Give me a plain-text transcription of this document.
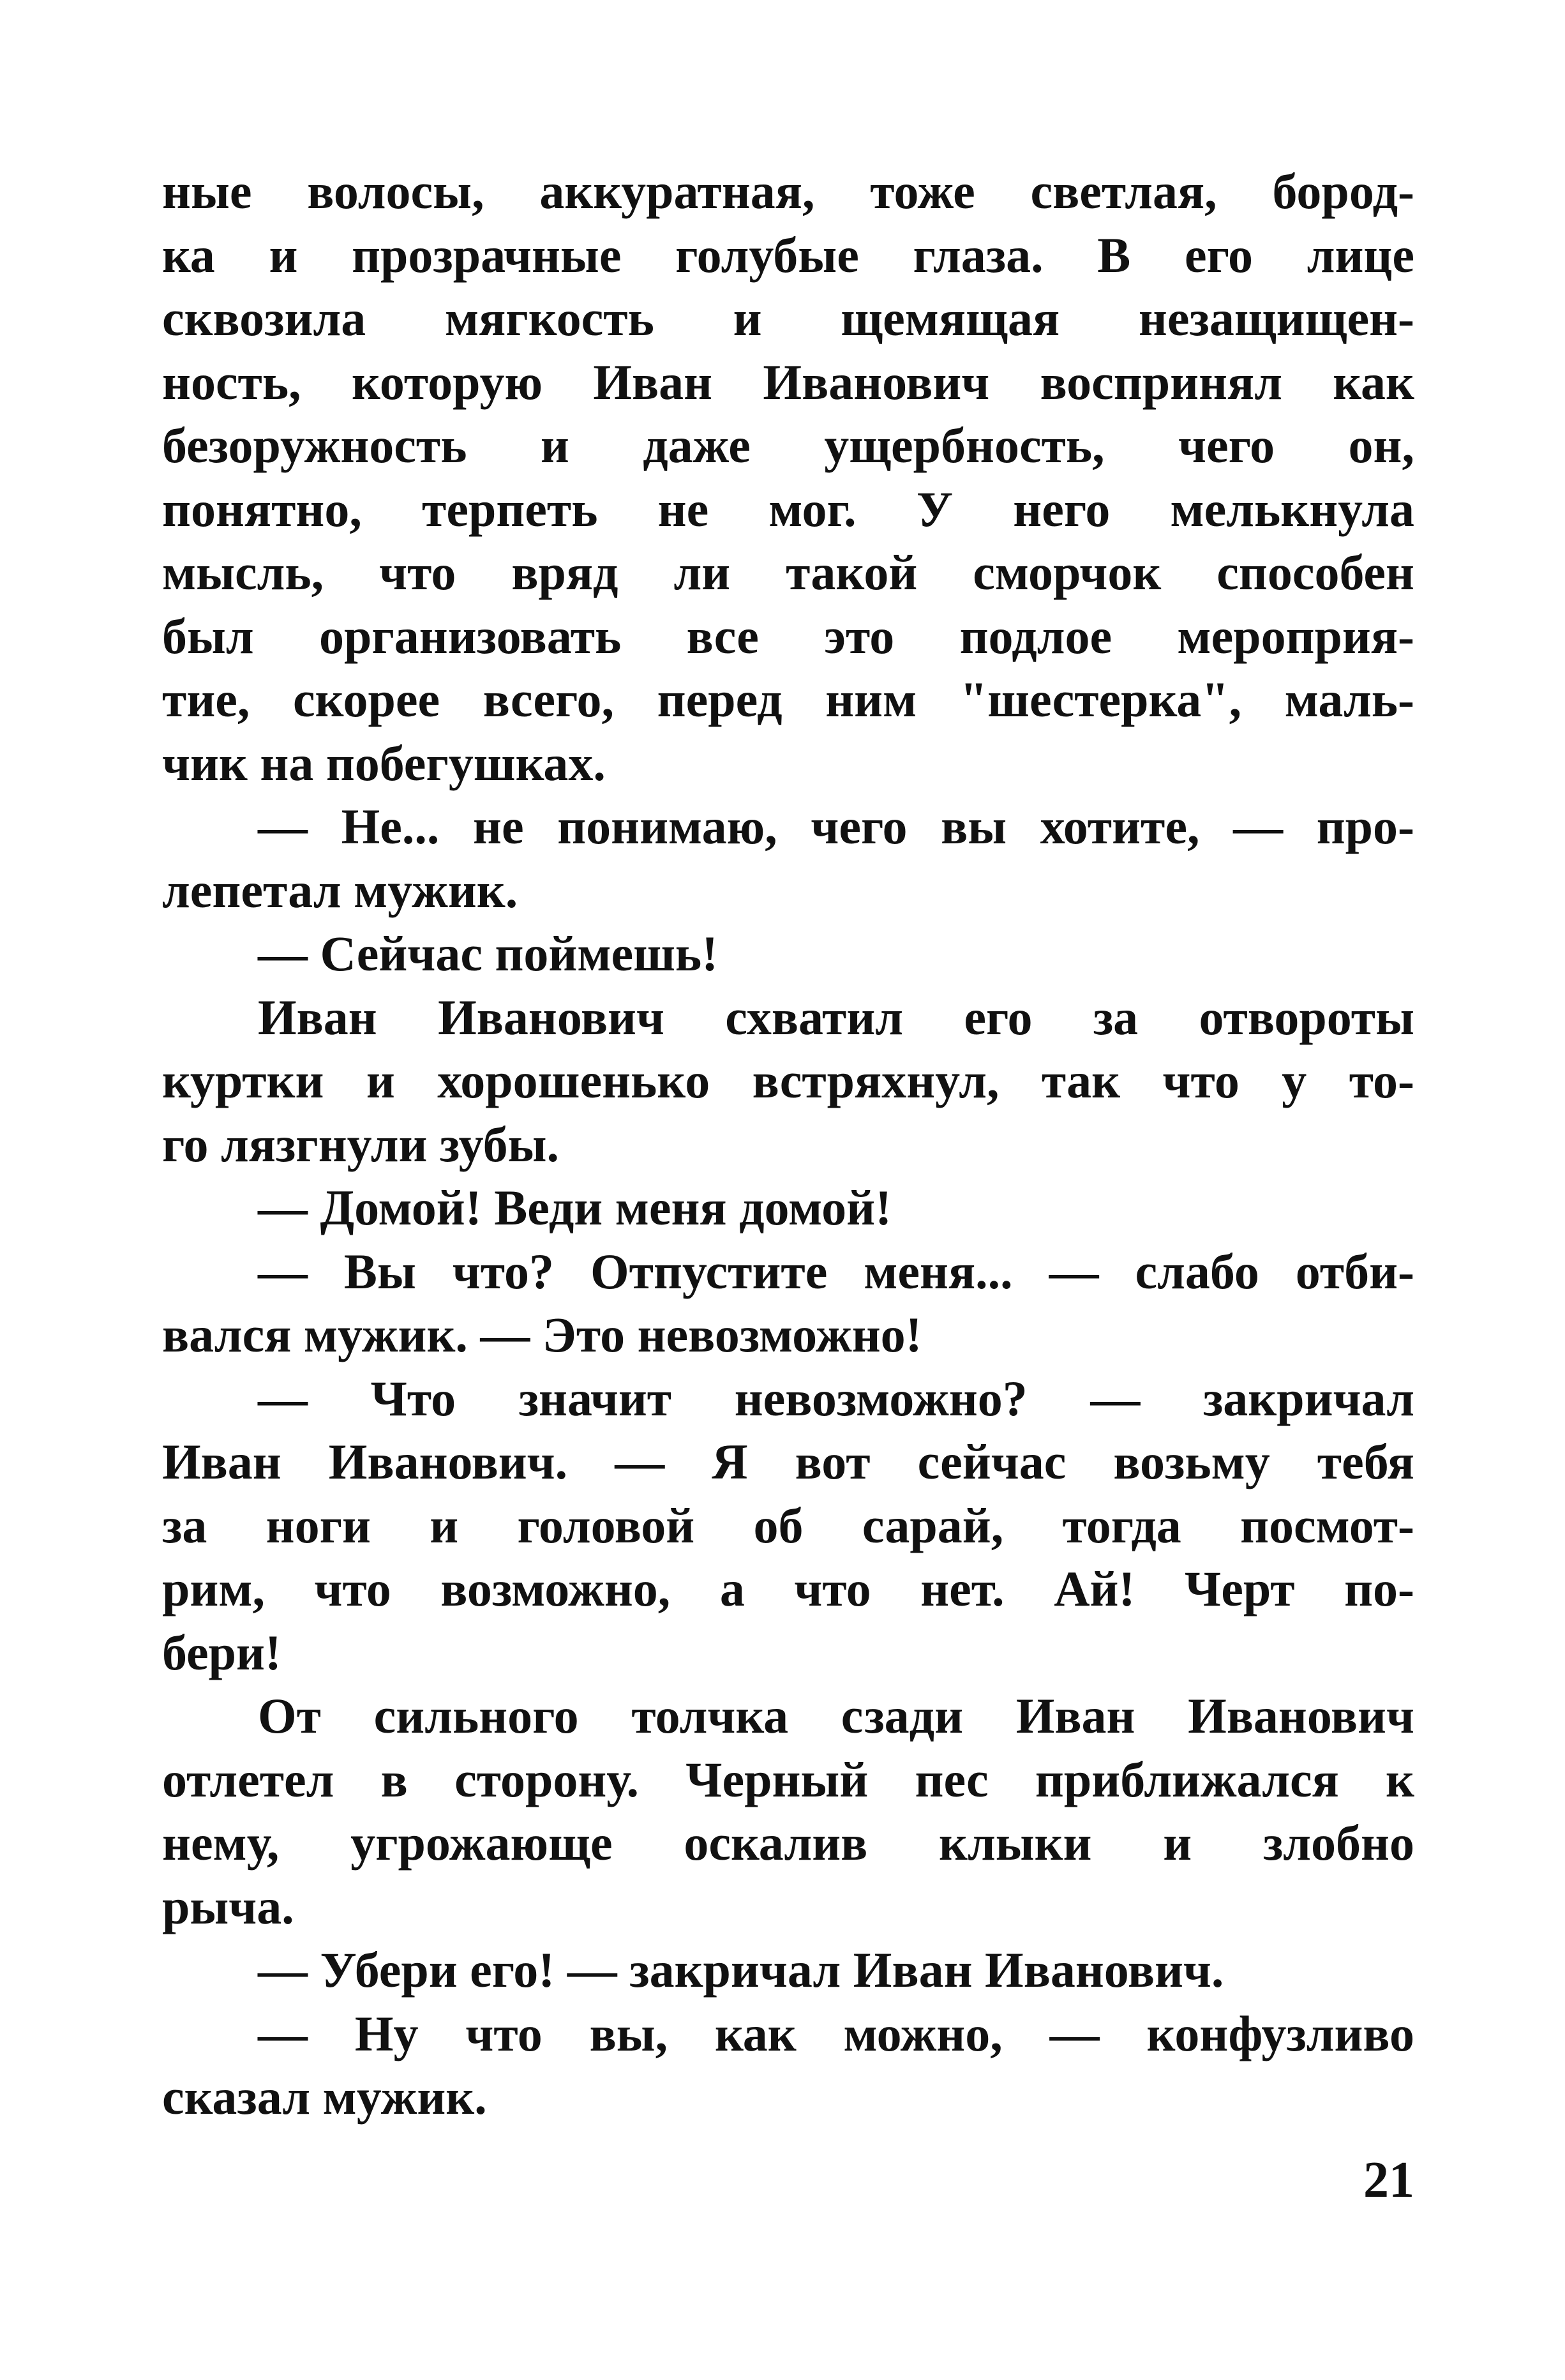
ные волосы, аккуратная, тоже светлая, бород-
ка и прозрачные голубые глаза. В его лице
сквозила мягкость и щемящая незащищен-
ность, которую Иван Иванович воспринял как
безоружность и даже ущербность, чего он,
понятно, терпеть не мог. У него мелькнула
мысль, что вряд ли такой сморчок способен
был организовать все это подлое мероприя-
тие, скорее всего, перед ним "шестерка", маль-
чик на побегушках.
— Не... не понимаю, чего вы хотите, — про-
лепетал мужик.
— Сейчас поймешь!
Иван Иванович схватил его за отвороты
куртки и хорошенько встряхнул, так что у то-
го лязгнули зубы.
— Домой! Веди меня домой!
— Вы что? Отпустите меня... — слабо отби-
вался мужик. — Это невозможно!
— Что значит невозможно? — закричал
Иван Иванович. — Я вот сейчас возьму тебя
за ноги и головой об сарай, тогда посмот-
рим, что возможно, а что нет. Ай! Черт по-
бери!
От сильного толчка сзади Иван Иванович
отлетел в сторону. Черный пес приближался к
нему, угрожающе оскалив клыки и злобно
рыча.
— Убери его! — закричал Иван Иванович.
— Ну что вы, как можно, — конфузливо
сказал мужик.
21
